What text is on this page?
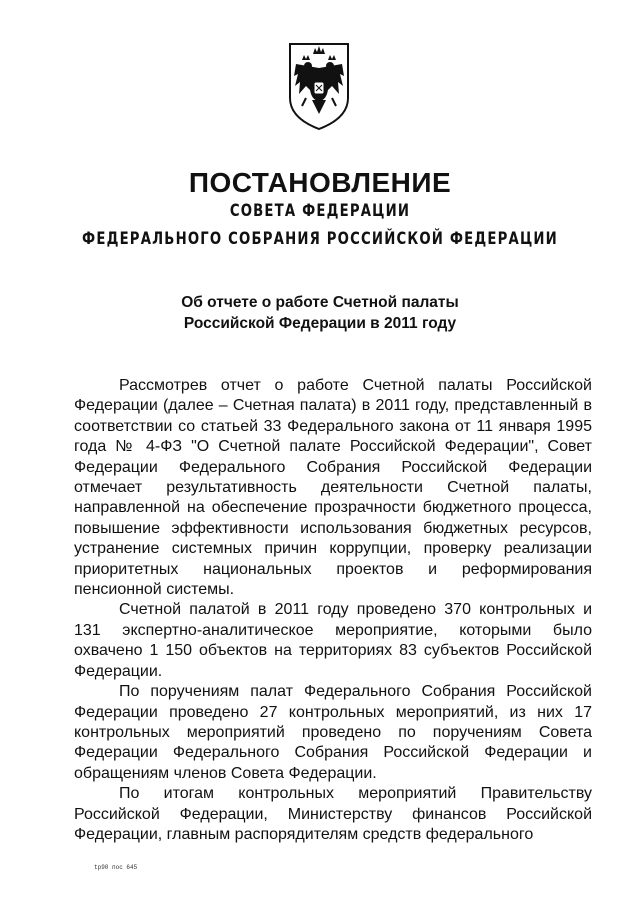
ПОСТАНОВЛЕНИЕ
СОВЕТА ФЕДЕРАЦИИ
ФЕДЕРАЛЬНОГО СОБРАНИЯ РОССИЙСКОЙ ФЕДЕРАЦИИ
Об отчете о работе Счетной палаты
Российской Федерации в 2011 году

Рассмотрев отчет о работе Счетной палаты Российской Федерации (далее – Счетная палата) в 2011 году, представленный в соответствии со статьей 33 Федерального закона от 11 января 1995 года № 4-ФЗ "О Счетной палате Российской Федерации", Совет Федерации Федерального Собрания Российской Федерации отмечает результативность деятельности Счетной палаты, направленной на обеспечение прозрачности бюджетного процесса, повышение эффективности использования бюджетных ресурсов, устранение системных причин коррупции, проверку реализации приоритетных национальных проектов и реформирования пенсионной системы.

Счетной палатой в 2011 году проведено 370 контрольных и 131 экспертно-аналитическое мероприятие, которыми было охвачено 1 150 объектов на территориях 83 субъектов Российской Федерации.

По поручениям палат Федерального Собрания Российской Федерации проведено 27 контрольных мероприятий, из них 17 контрольных мероприятий проведено по поручениям Совета Федерации Федерального Собрания Российской Федерации и обращениям членов Совета Федерации.

По итогам контрольных мероприятий Правительству Российской Федерации, Министерству финансов Российской Федерации, главным распорядителям средств федерального

tp90 пос 645
